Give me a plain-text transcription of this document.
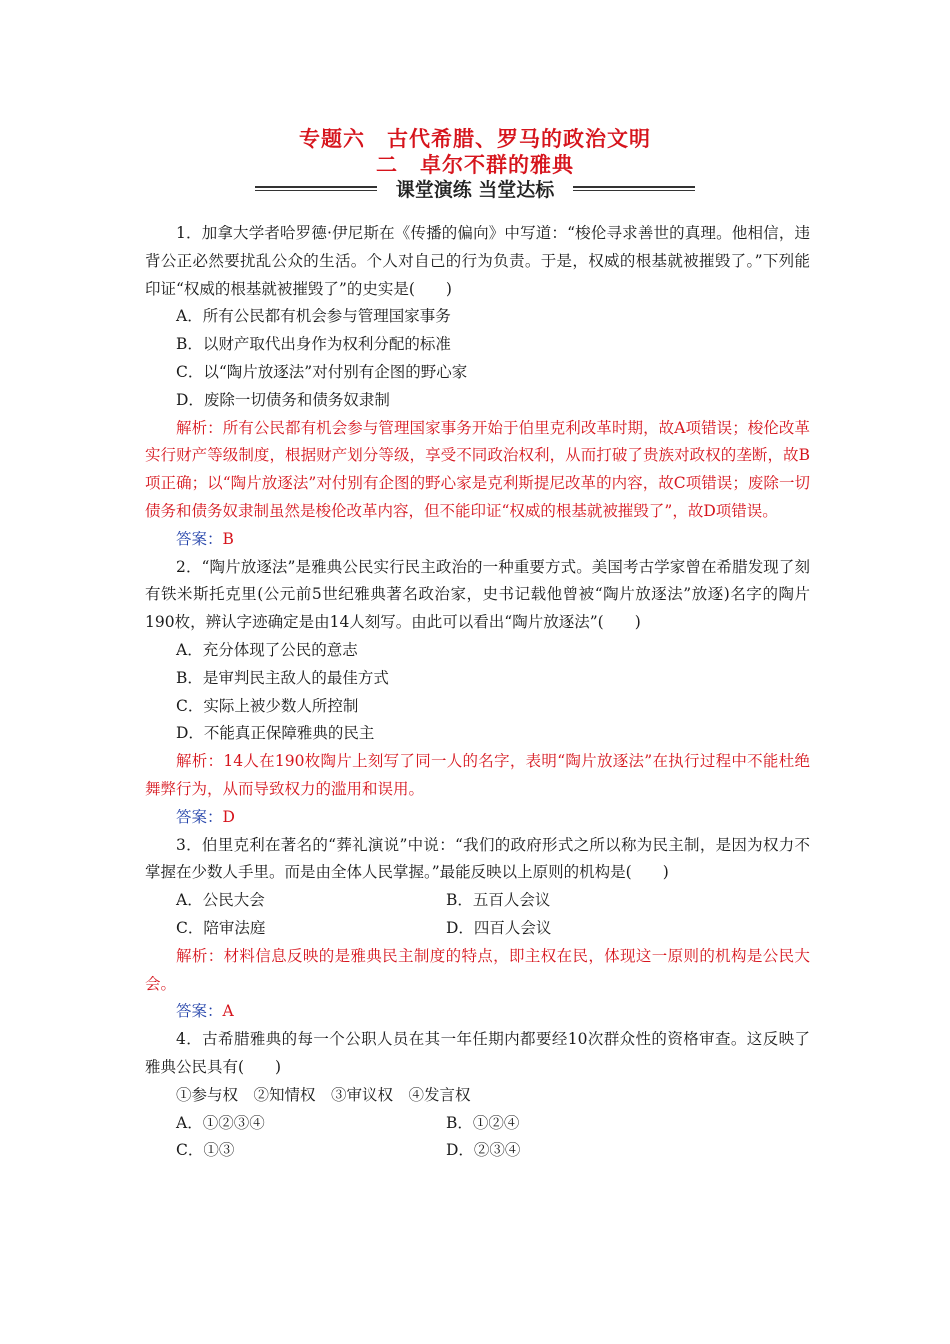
专题六　古代希腊、罗马的政治文明
二　卓尔不群的雅典
课堂演练 当堂达标

1．加拿大学者哈罗德·伊尼斯在《传播的偏向》中写道：“梭伦寻求善世的真理。他相信，违背公正必然要扰乱公众的生活。个人对自己的行为负责。于是，权威的根基就被摧毁了。”下列能印证“权威的根基就被摧毁了”的史实是(　　)

A．所有公民都有机会参与管理国家事务

B．以财产取代出身作为权利分配的标准

C．以“陶片放逐法”对付别有企图的野心家

D．废除一切债务和债务奴隶制

解析：所有公民都有机会参与管理国家事务开始于伯里克利改革时期，故A项错误；梭伦改革实行财产等级制度，根据财产划分等级，享受不同政治权利，从而打破了贵族对政权的垄断，故B项正确；以“陶片放逐法”对付别有企图的野心家是克利斯提尼改革的内容，故C项错误；废除一切债务和债务奴隶制虽然是梭伦改革内容，但不能印证“权威的根基就被摧毁了”，故D项错误。

答案：B

2．“陶片放逐法”是雅典公民实行民主政治的一种重要方式。美国考古学家曾在希腊发现了刻有铁米斯托克里(公元前5世纪雅典著名政治家，史书记载他曾被“陶片放逐法”放逐)名字的陶片190枚，辨认字迹确定是由14人刻写。由此可以看出“陶片放逐法”(　　)

A．充分体现了公民的意志

B．是审判民主敌人的最佳方式

C．实际上被少数人所控制

D．不能真正保障雅典的民主

解析：14人在190枚陶片上刻写了同一人的名字，表明“陶片放逐法”在执行过程中不能杜绝舞弊行为，从而导致权力的滥用和误用。

答案：D

3．伯里克利在著名的“葬礼演说”中说：“我们的政府形式之所以称为民主制，是因为权力不掌握在少数人手里。而是由全体人民掌握。”最能反映以上原则的机构是(　　)

A．公民大会	B．五百人会议
C．陪审法庭	D．四百人会议

解析：材料信息反映的是雅典民主制度的特点，即主权在民，体现这一原则的机构是公民大会。

答案：A

4．古希腊雅典的每一个公职人员在其一年任期内都要经10次群众性的资格审查。这反映了雅典公民具有(　　)

①参与权　②知情权　③审议权　④发言权

A．①②③④	B．①②④
C．①③	D．②③④
